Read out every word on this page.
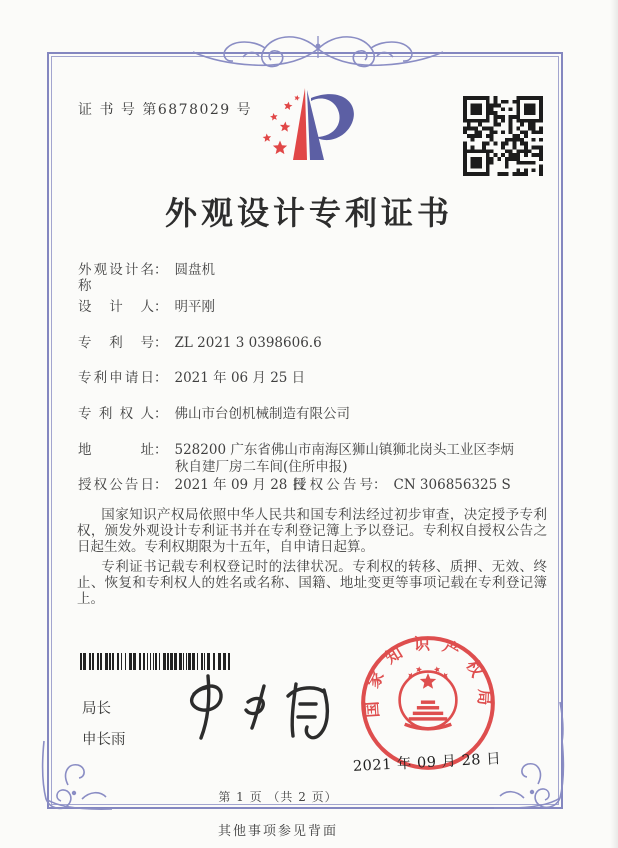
证 书 号 第6878029 号
外观设计专利证书
外观设计名称： 圆盘机
设计人： 明平刚
专利号： ZL 2021 3 0398606.6
专利申请日： 2021 年 06 月 25 日
专利权人： 佛山市台创机械制造有限公司
地址： 528200 广东省佛山市南海区狮山镇狮北岗头工业区李炳
秋自建厂房二车间(住所申报)
授权公告日： 2021 年 09 月 28 日
授权公告号： CN 306856325 S

国家知识产权局依照中华人民共和国专利法经过初步审查，决定授予专利权，颁发外观设计专利证书并在专利登记簿上予以登记。专利权自授权公告之日起生效。专利权期限为十五年，自申请日起算。

专利证书记载专利权登记时的法律状况。专利权的转移、质押、无效、终止、恢复和专利权人的姓名或名称、国籍、地址变更等事项记载在专利登记簿上。

局长
申长雨
国家知识产权局
2021 年 09 月 28 日
第 1 页 （共 2 页）
其他事项参见背面
